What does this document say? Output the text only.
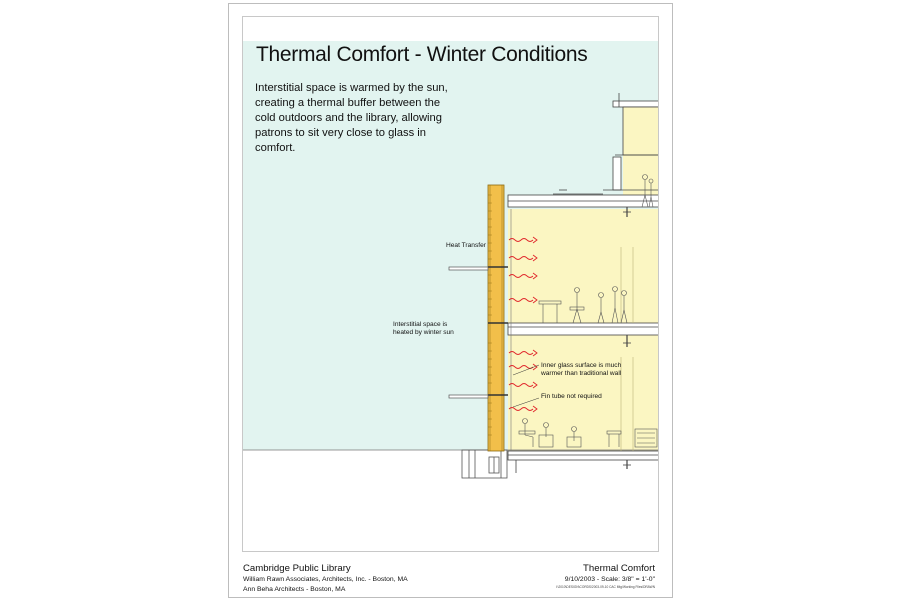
Thermal Comfort - Winter Conditions
Interstitial space is warmed by the sun, creating a thermal buffer between the cold outdoors and the library, allowing patrons to sit very close to glass in comfort.
Heat Transfer
Interstitial space is heated by winter sun
Inner glass surface is much warmer than traditional wall
Fin tube not required
Cambridge Public Library
William Rawn Associates, Architects, Inc. - Boston, MA
Ann Beha Architects - Boston, MA
Thermal Comfort
9/10/2003 - Scale: 3/8" = 1'-0"
I:\2010\DESIGN\CORDS\2003-09-10 CAC Mtg\Working Files\DRAWN
